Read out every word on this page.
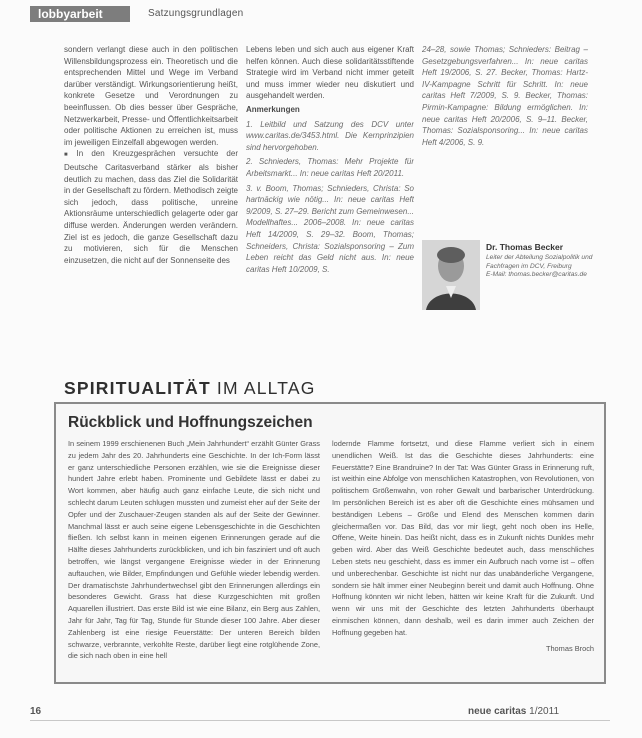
lobbyarbeit	Satzungsgrundlagen

sondern verlangt diese auch in den politischen Willensbildungsprozess ein. Theoretisch und die entsprechenden Mittel und Wege im Verband darüber verständigt. Wirkungsorientierung heißt, konkrete Gesetze und Verordnungen zu beeinflussen. Ob dies besser über Gespräche, Netzwerkarbeit, Presse- und Öffentlichkeitsarbeit oder politische Aktionen zu erreichen ist, muss im jeweiligen Einzelfall abgewogen werden.

■ In den Kreuzgesprächen versuchte der Deutsche Caritasverband stärker als bisher deutlich zu machen, dass das Ziel die Solidarität in der Gesellschaft zu fördern. Methodisch zeigte sich jedoch, dass politische, unreine Aktionsräume unterschiedlich gelagerte oder gar diffuse werden. Änderungen werden verändern. Ziel ist es jedoch, die ganze Gesellschaft dazu zu motivieren, sich für die Menschen einzusetzen, die nicht auf der Sonnenseite des

Lebens leben und sich auch aus eigener Kraft helfen können. Auch diese solidaritätsstiftende Strategie wird im Verband nicht immer geteilt und muss immer wieder neu diskutiert und ausgehandelt werden.

Anmerkungen

1. Leitbild und Satzung des DCV unter www.caritas.de/3453.html. Die Kernprinzipien sind hervorgehoben.

2. Schnieders, Thomas: Mehr Projekte für Arbeitsmarkt... In: neue caritas Heft 20/2011.

3. v. Boom, Thomas; Schnieders, Christa: So hartnäckig wie nötig... In: neue caritas Heft 9/2009, S. 27–29. Bericht zum Gemeinwesen... Modellhaftes... 2006–2008. In: neue caritas Heft 14/2009, S. 29–32. Boom, Thomas; Schneiders, Christa: Sozialsponsoring – Zum Leben reicht das Geld nicht aus. In: neue caritas Heft 10/2009, S.

24–28, sowie Thomas; Schnieders: Beitrag – Gesetzgebungsverfahren... In: neue caritas Heft 19/2006, S. 27. Becker, Thomas: Hartz-IV-Kampagne Schritt für Schritt. In: neue caritas Heft 7/2009, S. 9. Becker, Thomas: Pirmin-Kampagne: Bildung ermöglichen. In: neue caritas Heft 20/2006, S. 9–11. Becker, Thomas: Sozialsponsoring... In: neue caritas Heft 4/2006, S. 9.

Dr. Thomas Becker
Leiter der Abteilung Sozialpolitik und Fachfragen im DCV, Freiburg
E-Mail: thomas.becker@caritas.de
SPIRITUALITÄT IM ALLTAG
Rückblick und Hoffnungszeichen

In seinem 1999 erschienenen Buch „Mein Jahrhundert“ erzählt Günter Grass zu jedem Jahr des 20. Jahrhunderts eine Geschichte. In der Ich-Form lässt er ganz unterschiedliche Personen erzählen, wie sie die Ereignisse dieser hundert Jahre erlebt haben. Prominente und Gebildete lässt er dabei zu Wort kommen, aber häufig auch ganz einfache Leute, die sich nicht und schlecht darum Leuten schlugen mussten und zumeist eher auf der Seite der Opfer und der Zuschauer-Zeugen standen als auf der Seite der Gewinner. Manchmal lässt er auch seine eigene Lebensgeschichte in die Geschichten fließen. Ich selbst kann in meinen eigenen Erinnerungen gerade auf die Hälfte dieses Jahrhunderts zurückblicken, und ich bin fasziniert und oft auch betroffen, wie längst vergangene Ereignisse wieder in der Erinnerung auftauchen, wie Bilder, Empfindungen und Gefühle wieder lebendig werden. Der dramatischste Jahrhundertwechsel gibt den Erinnerungen allerdings ein besonderes Gewicht. Grass hat diese Kurzgeschichten mit großen Aquarellen illustriert. Das erste Bild ist wie eine Bilanz, ein Berg aus Zahlen, Jahr für Jahr, Tag für Tag, Stunde für Stunde dieser 100 Jahre. Aber dieser Zahlenberg ist eine riesige Feuerstätte: Der unteren Bereich bilden schwarze, verbrannte, verkohlte Reste, darüber liegt eine rotglühende Zone, die sich nach oben in eine hell

lodernde Flamme fortsetzt, und diese Flamme verliert sich in einem unendlichen Weiß. Ist das die Geschichte dieses Jahrhunderts: eine Feuerstätte? Eine Brandruine? In der Tat: Was Günter Grass in Erinnerung ruft, ist weithin eine Abfolge von menschlichen Katastrophen, von Revolutionen, von politischem Größenwahn, von roher Gewalt und barbarischer Unterdrückung. Im persönlichen Bereich ist es aber oft die Geschichte eines mühsamen und beständigen Lebens – Größe und Elend des Menschen kommen darin gleichermaßen vor. Das Bild, das vor mir liegt, geht noch oben ins Helle, Offene, Weite hinein. Das heißt nicht, dass es in Zukunft nichts Dunkles mehr geben wird. Aber das Weiß Geschichte bedeutet auch, dass menschliches Leben stets neu geschieht, dass es immer ein Aufbruch nach vorne ist – offen und unberechenbar. Geschichte ist nicht nur das unabänderliche Vergangene, sondern sie hält immer einer Neubeginn bereit und damit auch Hoffnung. Ohne Hoffnung könnten wir nicht leben, hätten wir keine Kraft für die Zukunft. Und wenn wir uns mit der Geschichte des letzten Jahrhunderts überhaupt einmischen können, dann deshalb, weil es darin immer auch Zeichen der Hoffnung gegeben hat.

Thomas Broch

16	neue caritas 1/2011
